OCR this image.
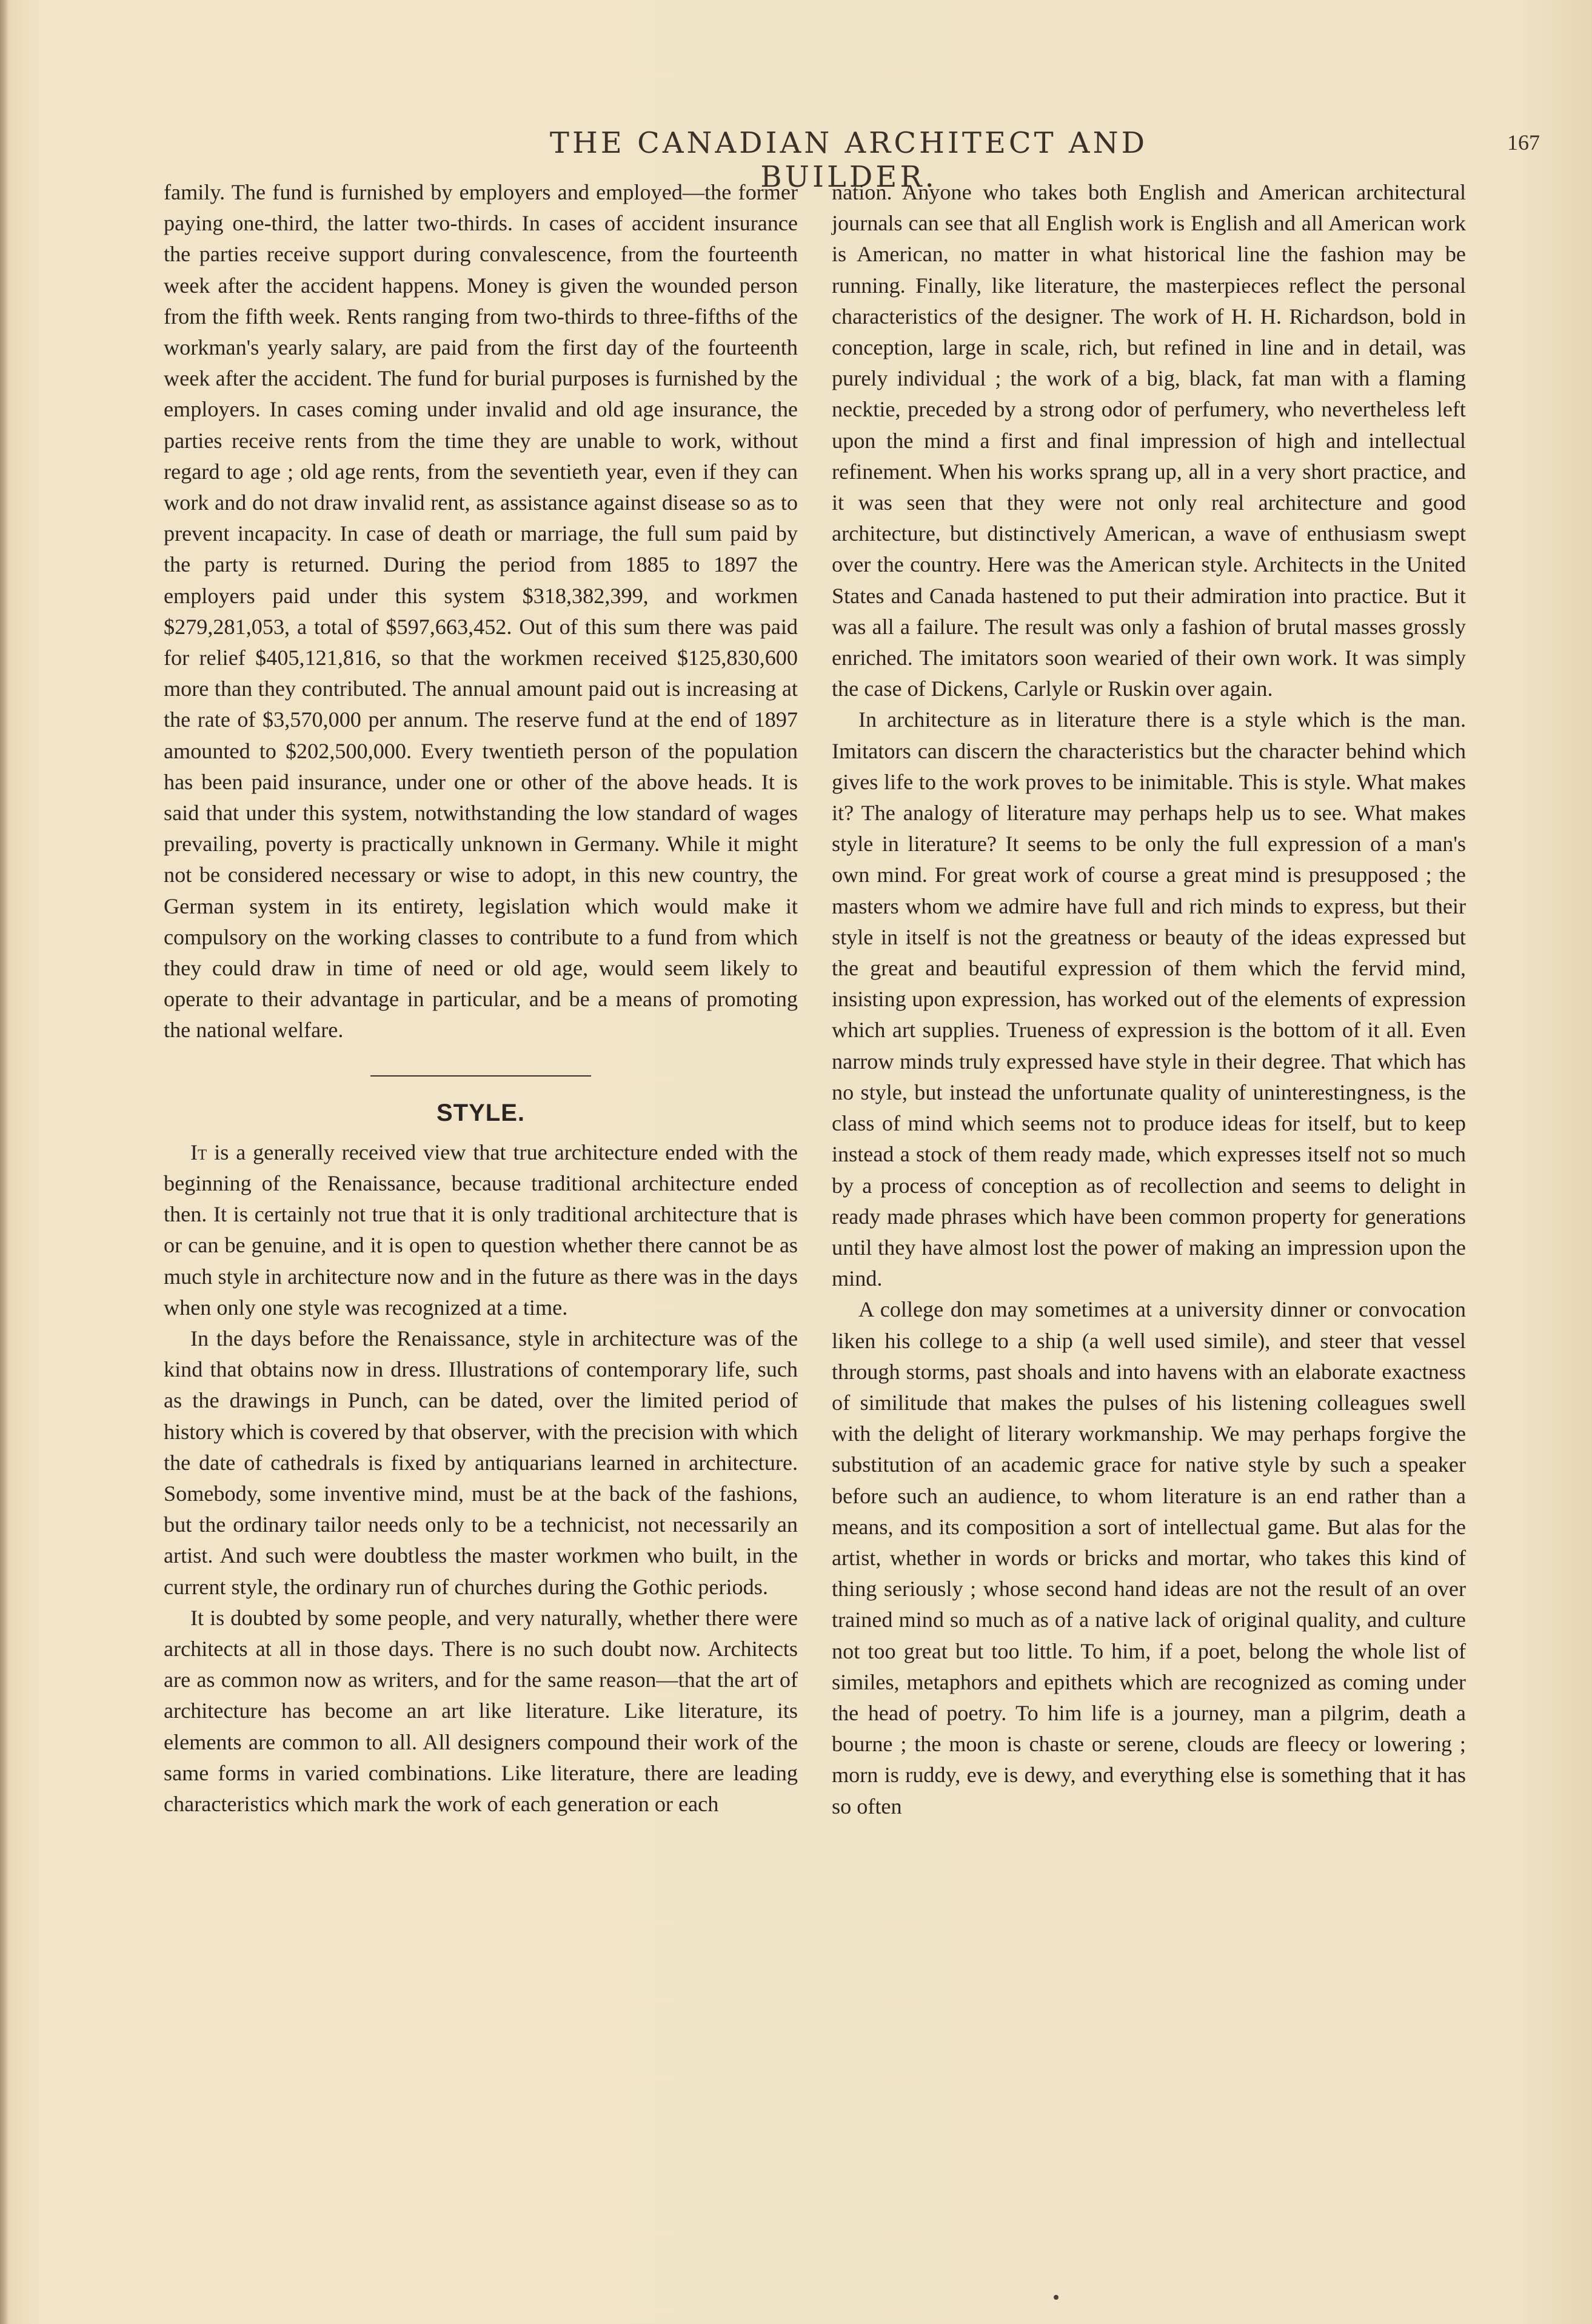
THE CANADIAN ARCHITECT AND BUILDER.
167

family. The fund is furnished by employers and employed—the former paying one-third, the latter two-thirds. In cases of accident insurance the parties receive support during convalescence, from the fourteenth week after the accident happens. Money is given the wounded person from the fifth week. Rents ranging from two-thirds to three-fifths of the workman's yearly salary, are paid from the first day of the fourteenth week after the accident. The fund for burial purposes is furnished by the employers. In cases coming under invalid and old age insurance, the parties receive rents from the time they are unable to work, without regard to age ; old age rents, from the seventieth year, even if they can work and do not draw invalid rent, as assistance against disease so as to prevent incapacity. In case of death or marriage, the full sum paid by the party is returned. During the period from 1885 to 1897 the employers paid under this system $318,382,399, and workmen $279,281,053, a total of $597,663,452. Out of this sum there was paid for relief $405,121,816, so that the workmen received $125,830,600 more than they contributed. The annual amount paid out is increasing at the rate of $3,570,000 per annum. The reserve fund at the end of 1897 amounted to $202,500,000. Every twentieth person of the population has been paid insurance, under one or other of the above heads. It is said that under this system, notwithstanding the low standard of wages prevailing, poverty is practically unknown in Germany. While it might not be considered necessary or wise to adopt, in this new country, the German system in its entirety, legislation which would make it compulsory on the working classes to contribute to a fund from which they could draw in time of need or old age, would seem likely to operate to their advantage in particular, and be a means of promoting the national welfare.

STYLE.

It is a generally received view that true architecture ended with the beginning of the Renaissance, because traditional architecture ended then. It is certainly not true that it is only traditional architecture that is or can be genuine, and it is open to question whether there cannot be as much style in architecture now and in the future as there was in the days when only one style was recognized at a time.

In the days before the Renaissance, style in architecture was of the kind that obtains now in dress. Illustrations of contemporary life, such as the drawings in Punch, can be dated, over the limited period of history which is covered by that observer, with the precision with which the date of cathedrals is fixed by antiquarians learned in architecture. Somebody, some inventive mind, must be at the back of the fashions, but the ordinary tailor needs only to be a technicist, not necessarily an artist. And such were doubtless the master workmen who built, in the current style, the ordinary run of churches during the Gothic periods.

It is doubted by some people, and very naturally, whether there were architects at all in those days. There is no such doubt now. Architects are as common now as writers, and for the same reason—that the art of architecture has become an art like literature. Like literature, its elements are common to all. All designers compound their work of the same forms in varied combinations. Like literature, there are leading characteristics which mark the work of each generation or each

nation. Anyone who takes both English and American architectural journals can see that all English work is English and all American work is American, no matter in what historical line the fashion may be running. Finally, like literature, the masterpieces reflect the personal characteristics of the designer. The work of H. H. Richardson, bold in conception, large in scale, rich, but refined in line and in detail, was purely individual ; the work of a big, black, fat man with a flaming necktie, preceded by a strong odor of perfumery, who nevertheless left upon the mind a first and final impression of high and intellectual refinement. When his works sprang up, all in a very short practice, and it was seen that they were not only real architecture and good architecture, but distinctively American, a wave of enthusiasm swept over the country. Here was the American style. Architects in the United States and Canada hastened to put their admiration into practice. But it was all a failure. The result was only a fashion of brutal masses grossly enriched. The imitators soon wearied of their own work. It was simply the case of Dickens, Carlyle or Ruskin over again.

In architecture as in literature there is a style which is the man. Imitators can discern the characteristics but the character behind which gives life to the work proves to be inimitable. This is style. What makes it? The analogy of literature may perhaps help us to see. What makes style in literature? It seems to be only the full expression of a man's own mind. For great work of course a great mind is presupposed ; the masters whom we admire have full and rich minds to express, but their style in itself is not the greatness or beauty of the ideas expressed but the great and beautiful expression of them which the fervid mind, insisting upon expression, has worked out of the elements of expression which art supplies. Trueness of expression is the bottom of it all. Even narrow minds truly expressed have style in their degree. That which has no style, but instead the unfortunate quality of uninterestingness, is the class of mind which seems not to produce ideas for itself, but to keep instead a stock of them ready made, which expresses itself not so much by a process of conception as of recollection and seems to delight in ready made phrases which have been common property for generations until they have almost lost the power of making an impression upon the mind.

A college don may sometimes at a university dinner or convocation liken his college to a ship (a well used simile), and steer that vessel through storms, past shoals and into havens with an elaborate exactness of similitude that makes the pulses of his listening colleagues swell with the delight of literary workmanship. We may perhaps forgive the substitution of an academic grace for native style by such a speaker before such an audience, to whom literature is an end rather than a means, and its composition a sort of intellectual game. But alas for the artist, whether in words or bricks and mortar, who takes this kind of thing seriously ; whose second hand ideas are not the result of an over trained mind so much as of a native lack of original quality, and culture not too great but too little. To him, if a poet, belong the whole list of similes, metaphors and epithets which are recognized as coming under the head of poetry. To him life is a journey, man a pilgrim, death a bourne ; the moon is chaste or serene, clouds are fleecy or lowering ; morn is ruddy, eve is dewy, and everything else is something that it has so often
